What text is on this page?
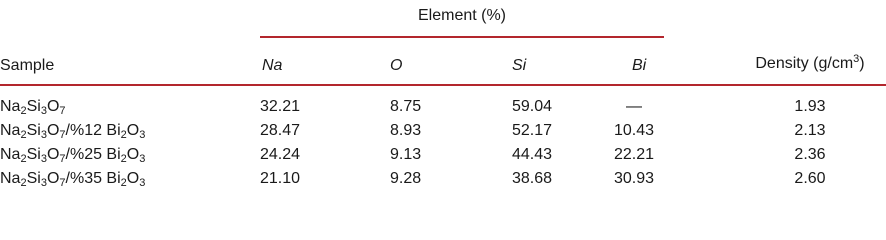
Element (%)
Sample	Na	O	Si	Bi	Density $(g/cm^3)$
$Na_2Si_3O_7$	32.21	8.75	59.04	—	1.93
$Na_2Si_3O_7/\%12$ $Bi_2O_3$	28.47	8.93	52.17	10.43	2.13
$Na_2Si_3O_7/\%25$ $Bi_2O_3$	24.24	9.13	44.43	22.21	2.36
$Na_2Si_3O_7/\%35$ $Bi_2O_3$	21.10	9.28	38.68	30.93	2.60
